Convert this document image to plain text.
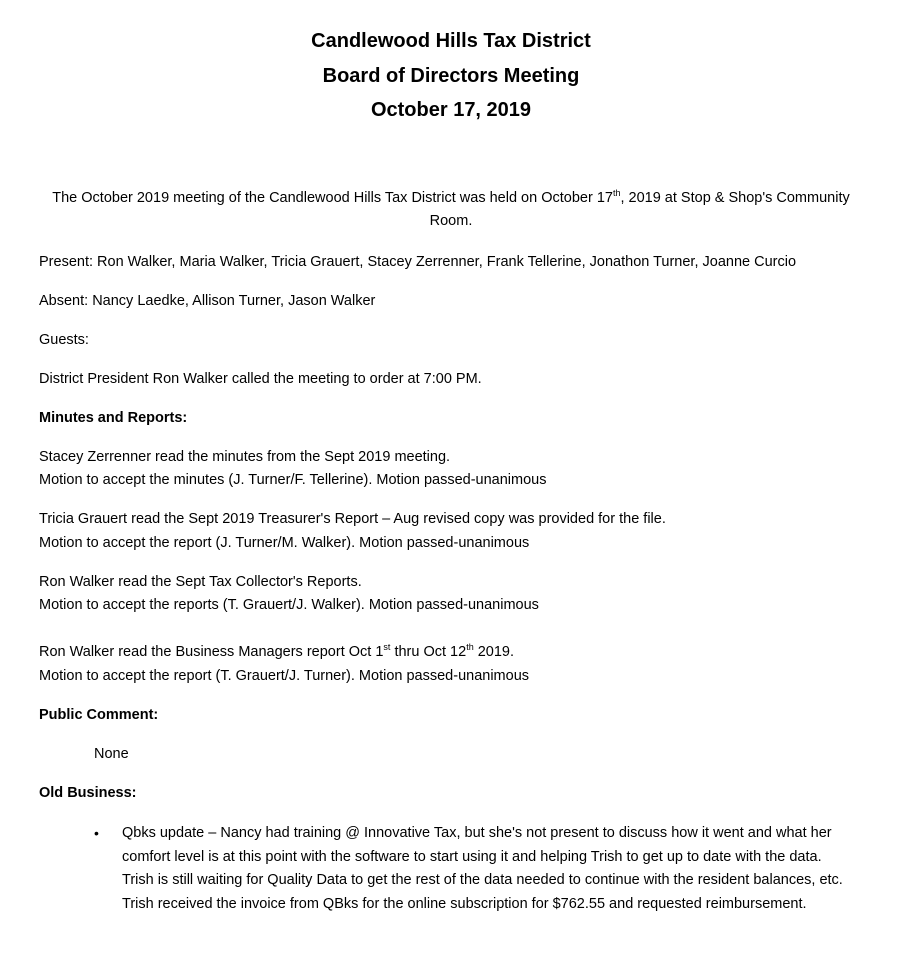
Candlewood Hills Tax District
Board of Directors Meeting
October 17, 2019
The October 2019 meeting of the Candlewood Hills Tax District was held on October 17th, 2019 at Stop & Shop's Community Room.
Present: Ron Walker, Maria Walker, Tricia Grauert, Stacey Zerrenner, Frank Tellerine, Jonathon Turner, Joanne Curcio
Absent: Nancy Laedke, Allison Turner, Jason Walker
Guests:
District President Ron Walker called the meeting to order at 7:00 PM.
Minutes and Reports:
Stacey Zerrenner read the minutes from the Sept 2019 meeting.
Motion to accept the minutes (J. Turner/F. Tellerine). Motion passed-unanimous
Tricia Grauert read the Sept 2019 Treasurer's Report – Aug revised copy was provided for the file.
Motion to accept the report (J. Turner/M. Walker). Motion passed-unanimous
Ron Walker read the Sept Tax Collector's Reports.
Motion to accept the reports (T. Grauert/J. Walker). Motion passed-unanimous
Ron Walker read the Business Managers report Oct 1st thru Oct 12th 2019.
Motion to accept the report (T. Grauert/J. Turner). Motion passed-unanimous
Public Comment:
None
Old Business:
• Qbks update – Nancy had training @ Innovative Tax, but she's not present to discuss how it went and what her comfort level is at this point with the software to start using it and helping Trish to get up to date with the data. Trish is still waiting for Quality Data to get the rest of the data needed to continue with the resident balances, etc. Trish received the invoice from QBks for the online subscription for $762.55 and requested reimbursement.
